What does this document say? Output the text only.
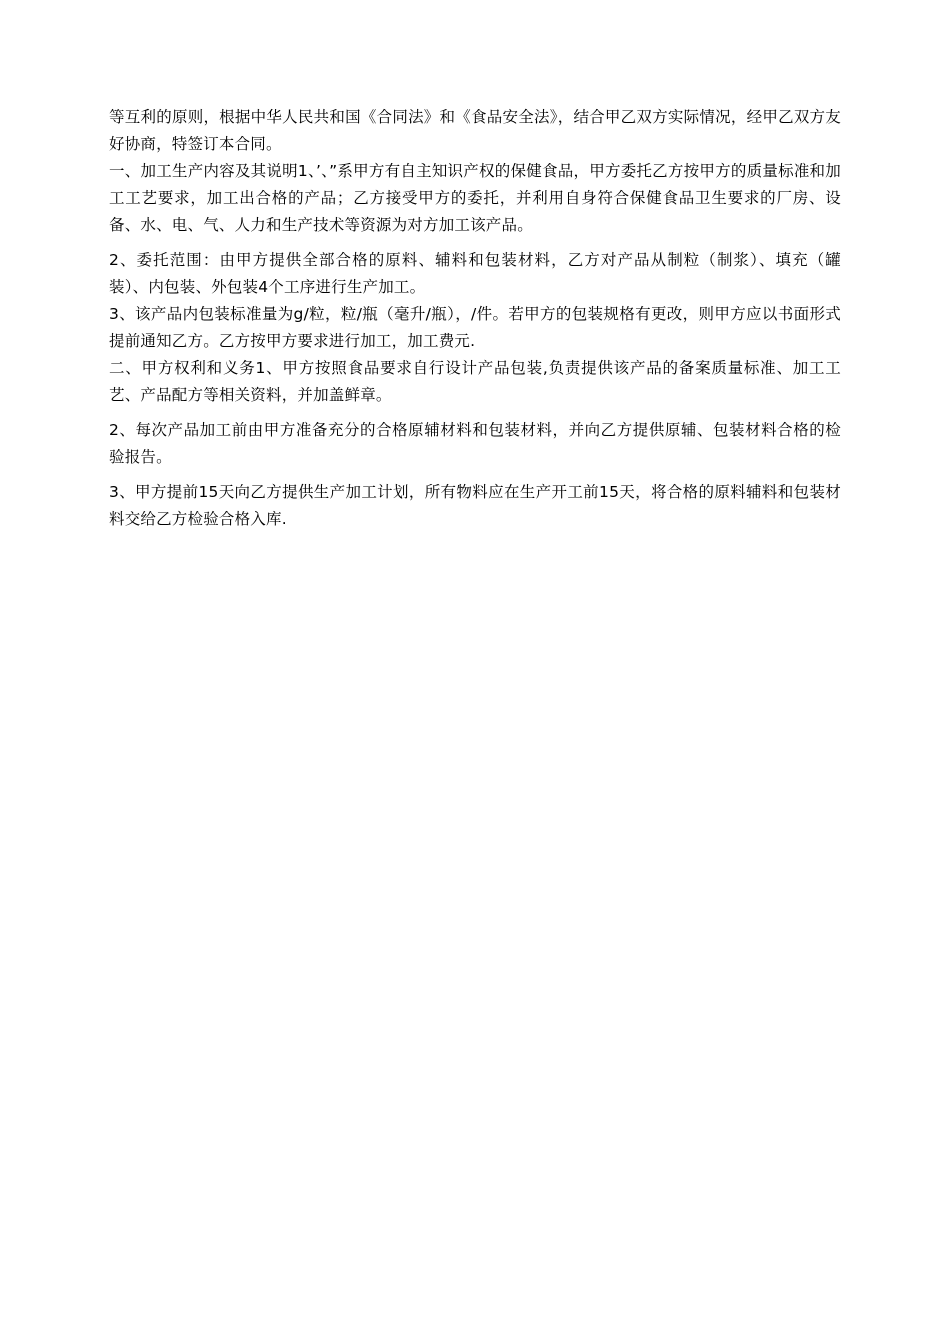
等互利的原则，根据中华人民共和国《合同法》和《食品安全法》，结合甲乙双方实际情况，经甲乙双方友好协商，特签订本合同。

一、加工生产内容及其说明1、’、”系甲方有自主知识产权的保健食品，甲方委托乙方按甲方的质量标准和加工工艺要求，加工出合格的产品；乙方接受甲方的委托，并利用自身符合保健食品卫生要求的厂房、设备、水、电、气、人力和生产技术等资源为对方加工该产品。

2、委托范围：由甲方提供全部合格的原料、辅料和包装材料，乙方对产品从制粒（制浆）、填充（罐装）、内包装、外包装4个工序进行生产加工。

3、该产品内包装标准量为g/粒，粒/瓶（毫升/瓶），/件。若甲方的包装规格有更改，则甲方应以书面形式提前通知乙方。乙方按甲方要求进行加工，加工费元.

二、甲方权利和义务1、甲方按照食品要求自行设计产品包装,负责提供该产品的备案质量标准、加工工艺、产品配方等相关资料，并加盖鲜章。

2、每次产品加工前由甲方准备充分的合格原辅材料和包装材料，并向乙方提供原辅、包装材料合格的检验报告。

3、甲方提前15天向乙方提供生产加工计划，所有物料应在生产开工前15天，将合格的原料辅料和包装材料交给乙方检验合格入库.
